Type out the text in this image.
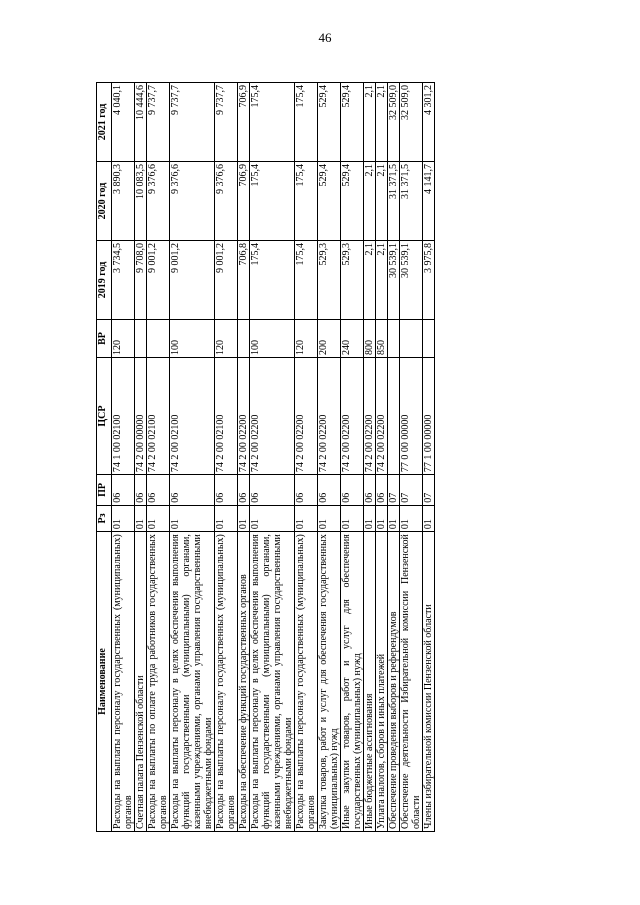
46
Наименование	Рз	ПР	ЦСР	ВР	2019 год	2020 год	2021 год
Расходы на выплаты персоналу государственных (муниципальных) органов	01	06	74 1 00 02100	120	3 734,5	3 890,3	4 040,1
Счетная палата Пензенской области	01	06	74 2 00 00000		9 708,0	10 083,5	10 444,6
Расходы на выплаты по оплате труда работников государственных органов	01	06	74 2 00 02100		9 001,2	9 376,6	9 737,7
Расходы на выплаты персоналу в целях обеспечения выполнения функций государственными (муниципальными) органами, казенными учреждениями, органами управления государственными внебюджетными фондами	01	06	74 2 00 02100	100	9 001,2	9 376,6	9 737,7
Расходы на выплаты персоналу государственных (муниципальных) органов	01	06	74 2 00 02100	120	9 001,2	9 376,6	9 737,7
Расходы на обеспечение функций государственных органов	01	06	74 2 00 02200		706,8	706,9	706,9
Расходы на выплаты персоналу в целях обеспечения выполнения функций государственными (муниципальными) органами, казенными учреждениями, органами управления государственными внебюджетными фондами	01	06	74 2 00 02200	100	175,4	175,4	175,4
Расходы на выплаты персоналу государственных (муниципальных) органов	01	06	74 2 00 02200	120	175,4	175,4	175,4
Закупка товаров, работ и услуг для обеспечения государственных (муниципальных) нужд	01	06	74 2 00 02200	200	529,3	529,4	529,4
Иные закупки товаров, работ и услуг для обеспечения государственных (муниципальных) нужд	01	06	74 2 00 02200	240	529,3	529,4	529,4
Иные бюджетные ассигнования	01	06	74 2 00 02200	800	2,1	2,1	2,1
Уплата налогов, сборов и иных платежей	01	06	74 2 00 02200	850	2,1	2,1	2,1
Обеспечение проведения выборов и референдумов	01	07			30 539,1	31 371,5	32 509,0
Обеспечение деятельности Избирательной комиссии Пензенской области	01	07	77 0 00 00000		30 539,1	31 371,5	32 509,0
Члены избирательной комиссии Пензенской области	01	07	77 1 00 00000		3 975,8	4 141,7	4 301,2
